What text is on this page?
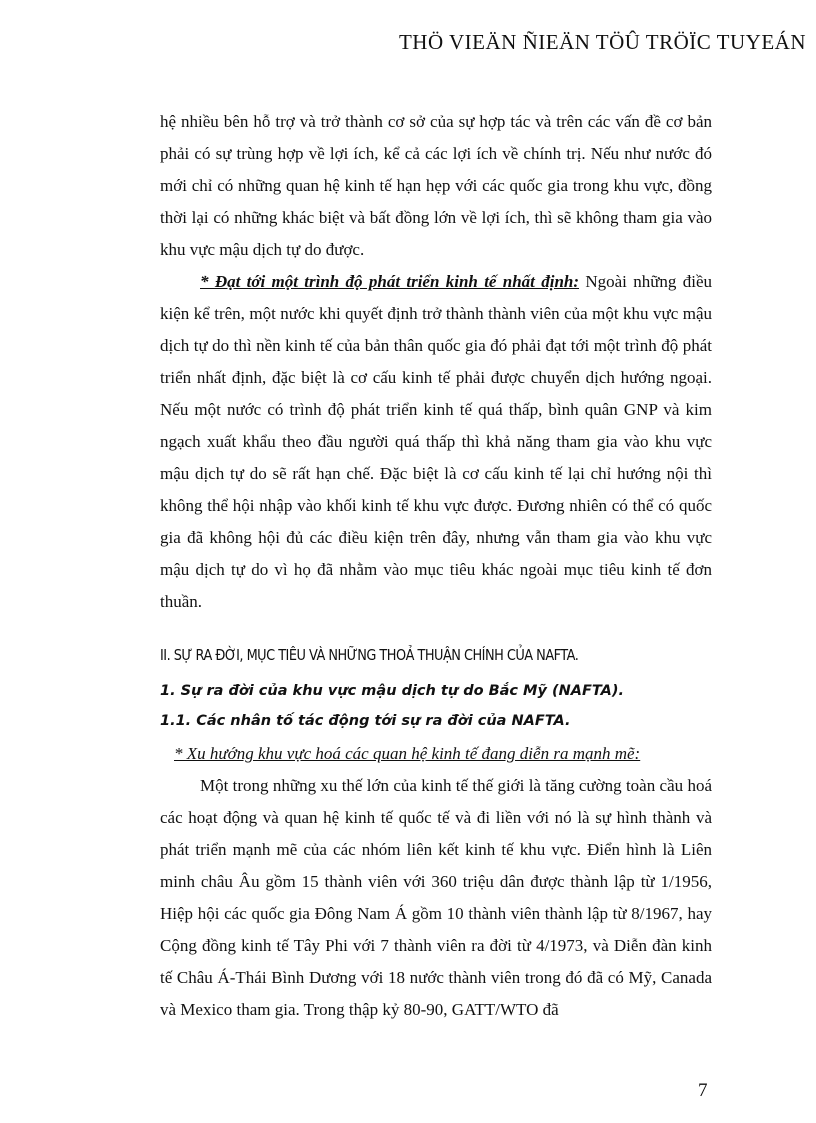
THÖ VIEÄN ÑIEÄN TÖÛ TRÖÏC TUYEÁN

hệ nhiều bên hỗ trợ và trở thành cơ sở của sự hợp tác và trên các vấn đề cơ bản phải có sự trùng hợp về lợi ích, kể cả các lợi ích về chính trị. Nếu như nước đó mới chỉ có những quan hệ kinh tế hạn hẹp với các quốc gia trong khu vực, đồng thời lại có những khác biệt và bất đồng lớn về lợi ích, thì sẽ không tham gia vào khu vực mậu dịch tự do được.

* Đạt tới một trình độ phát triển kinh tế nhất định: Ngoài những điều kiện kể trên, một nước khi quyết định trở thành thành viên của một khu vực mậu dịch tự do thì nền kinh tế của bản thân quốc gia đó phải đạt tới một trình độ phát triển nhất định, đặc biệt là cơ cấu kinh tế phải được chuyển dịch hướng ngoại. Nếu một nước có trình độ phát triển kinh tế quá thấp, bình quân GNP và kim ngạch xuất khẩu theo đầu người quá thấp thì khả năng tham gia vào khu vực mậu dịch tự do sẽ rất hạn chế. Đặc biệt là cơ cấu kinh tế lại chỉ hướng nội thì không thể hội nhập vào khối kinh tế khu vực được. Đương nhiên có thể có quốc gia đã không hội đủ các điều kiện trên đây, nhưng vẫn tham gia vào khu vực mậu dịch tự do vì họ đã nhằm vào mục tiêu khác ngoài mục tiêu kinh tế đơn thuần.

II. SỰ RA ĐỜI, MỤC TIÊU VÀ NHỮNG THOẢ THUẬN CHÍNH CỦA NAFTA.
1. Sự ra đời của khu vực mậu dịch tự do Bắc Mỹ (NAFTA).
1.1. Các nhân tố tác động tới sự ra đời của NAFTA.

* Xu hướng khu vực hoá các quan hệ kinh tế đang diễn ra mạnh mẽ:

Một trong những xu thế lớn của kinh tế thế giới là tăng cường toàn cầu hoá các hoạt động và quan hệ kinh tế quốc tế và đi liền với nó là sự hình thành và phát triển mạnh mẽ của các nhóm liên kết kinh tế khu vực. Điển hình là Liên minh châu Âu gồm 15 thành viên với 360 triệu dân được thành lập từ 1/1956, Hiệp hội các quốc gia Đông Nam Á gồm 10 thành viên thành lập từ 8/1967, hay Cộng đồng kinh tế Tây Phi với 7 thành viên ra đời từ 4/1973, và Diễn đàn kinh tế Châu Á-Thái Bình Dương với 18 nước thành viên trong đó đã có Mỹ, Canada và Mexico tham gia. Trong thập kỷ 80-90, GATT/WTO đã

7
